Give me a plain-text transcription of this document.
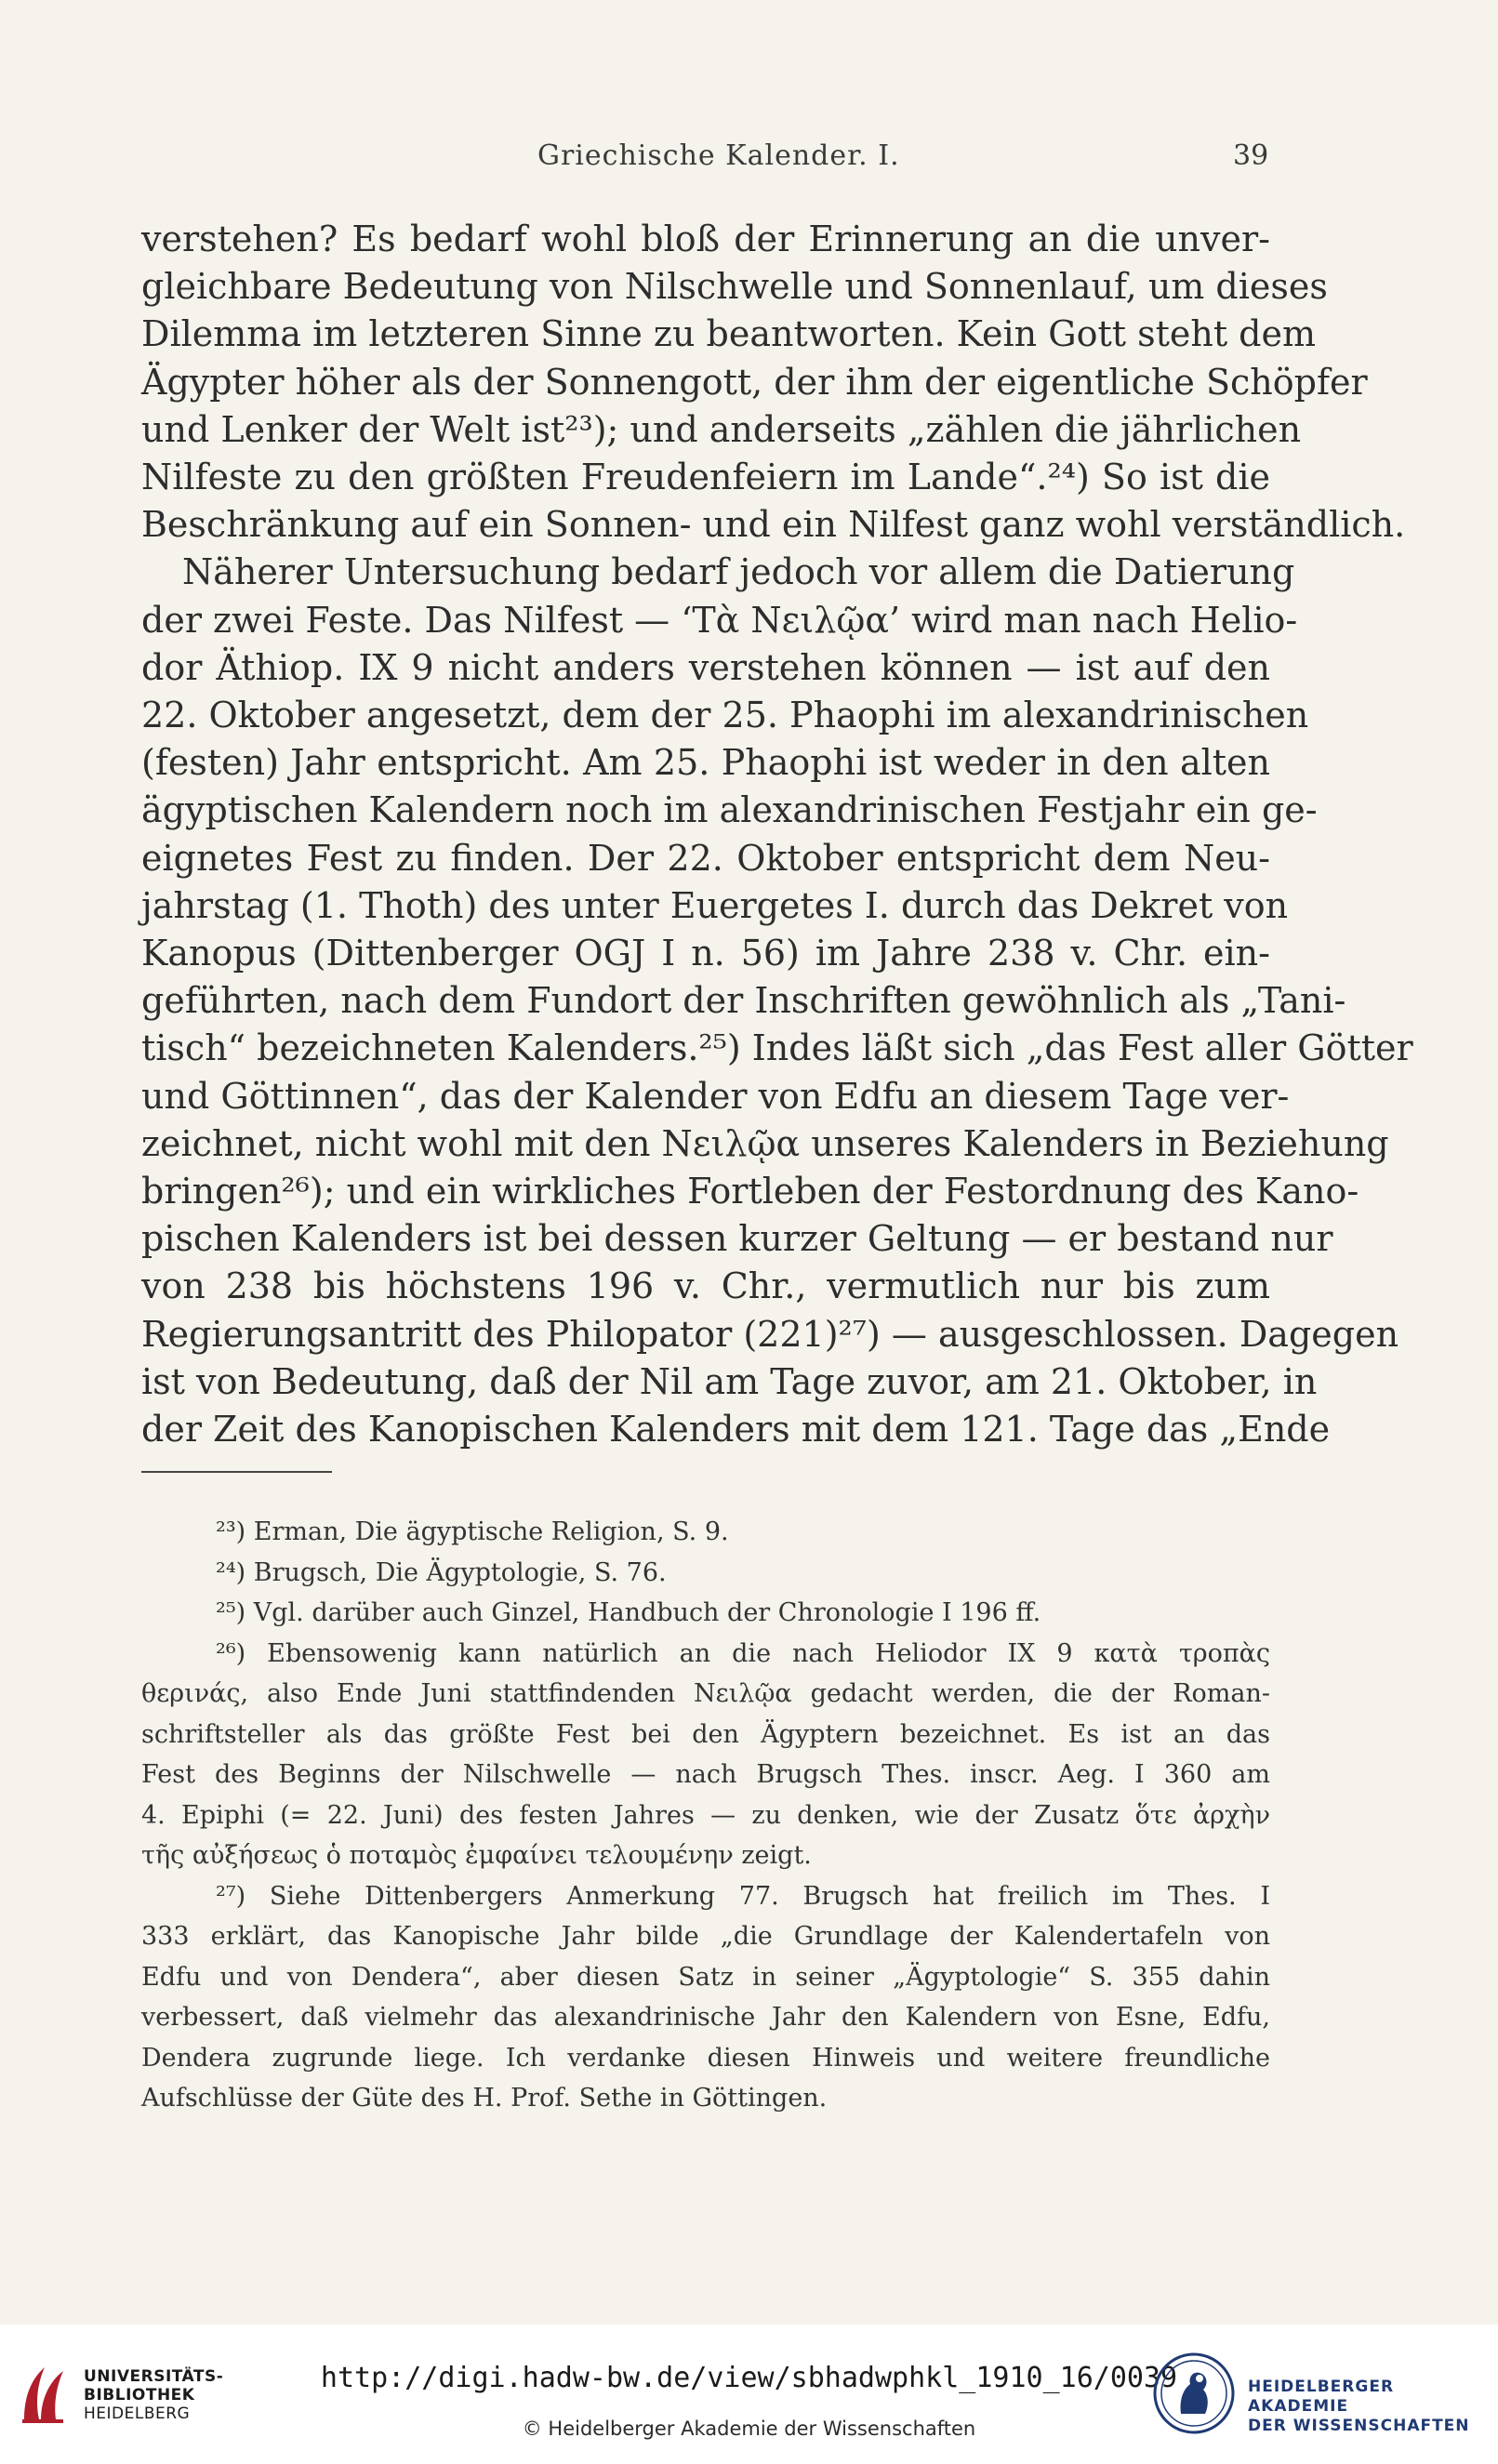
Griechische Kalender. I.	39
verstehen? Es bedarf wohl bloß der Erinnerung an die unver-
gleichbare Bedeutung von Nilschwelle und Sonnenlauf, um dieses
Dilemma im letzteren Sinne zu beantworten. Kein Gott steht dem
Ägypter höher als der Sonnengott, der ihm der eigentliche Schöpfer
und Lenker der Welt ist²³); und anderseits „zählen die jährlichen
Nilfeste zu den größten Freudenfeiern im Lande“.²⁴) So ist die
Beschränkung auf ein Sonnen- und ein Nilfest ganz wohl verständlich.
Näherer Untersuchung bedarf jedoch vor allem die Datierung
der zwei Feste. Das Nilfest — ‘Τὰ Νειλῷα’ wird man nach Helio-
dor Äthiop. IX 9 nicht anders verstehen können — ist auf den
22. Oktober angesetzt, dem der 25. Phaophi im alexandrinischen
(festen) Jahr entspricht. Am 25. Phaophi ist weder in den alten
ägyptischen Kalendern noch im alexandrinischen Festjahr ein ge-
eignetes Fest zu finden. Der 22. Oktober entspricht dem Neu-
jahrstag (1. Thoth) des unter Euergetes I. durch das Dekret von
Kanopus (Dittenberger OGJ I n. 56) im Jahre 238 v. Chr. ein-
geführten, nach dem Fundort der Inschriften gewöhnlich als „Tani-
tisch“ bezeichneten Kalenders.²⁵) Indes läßt sich „das Fest aller Götter
und Göttinnen“, das der Kalender von Edfu an diesem Tage ver-
zeichnet, nicht wohl mit den Νειλῷα unseres Kalenders in Beziehung
bringen²⁶); und ein wirkliches Fortleben der Festordnung des Kano-
pischen Kalenders ist bei dessen kurzer Geltung — er bestand nur
von 238 bis höchstens 196 v. Chr., vermutlich nur bis zum
Regierungsantritt des Philopator (221)²⁷) — ausgeschlossen. Dagegen
ist von Bedeutung, daß der Nil am Tage zuvor, am 21. Oktober, in
der Zeit des Kanopischen Kalenders mit dem 121. Tage das „Ende
²³) Erman, Die ägyptische Religion, S. 9.
²⁴) Brugsch, Die Ägyptologie, S. 76.
²⁵) Vgl. darüber auch Ginzel, Handbuch der Chronologie I 196 ff.
²⁶) Ebensowenig kann natürlich an die nach Heliodor IX 9 κατὰ τροπὰς
θερινάς, also Ende Juni stattfindenden Νειλῷα gedacht werden, die der Roman-
schriftsteller als das größte Fest bei den Ägyptern bezeichnet. Es ist an das
Fest des Beginns der Nilschwelle — nach Brugsch Thes. inscr. Aeg. I 360 am
4. Epiphi (= 22. Juni) des festen Jahres — zu denken, wie der Zusatz ὅτε ἀρχὴν
τῆς αὐξήσεως ὁ ποταμὸς ἐμφαίνει τελουμένην zeigt.
²⁷) Siehe Dittenbergers Anmerkung 77. Brugsch hat freilich im Thes. I
333 erklärt, das Kanopische Jahr bilde „die Grundlage der Kalendertafeln von
Edfu und von Dendera“, aber diesen Satz in seiner „Ägyptologie“ S. 355 dahin
verbessert, daß vielmehr das alexandrinische Jahr den Kalendern von Esne, Edfu,
Dendera zugrunde liege. Ich verdanke diesen Hinweis und weitere freundliche
Aufschlüsse der Güte des H. Prof. Sethe in Göttingen.
UNIVERSITÄTS-
BIBLIOTHEK
HEIDELBERG
http://digi.hadw-bw.de/view/sbhadwphkl_1910_16/0039
© Heidelberger Akademie der Wissenschaften
HEIDELBERGER AKADEMIE
DER WISSENSCHAFTEN
